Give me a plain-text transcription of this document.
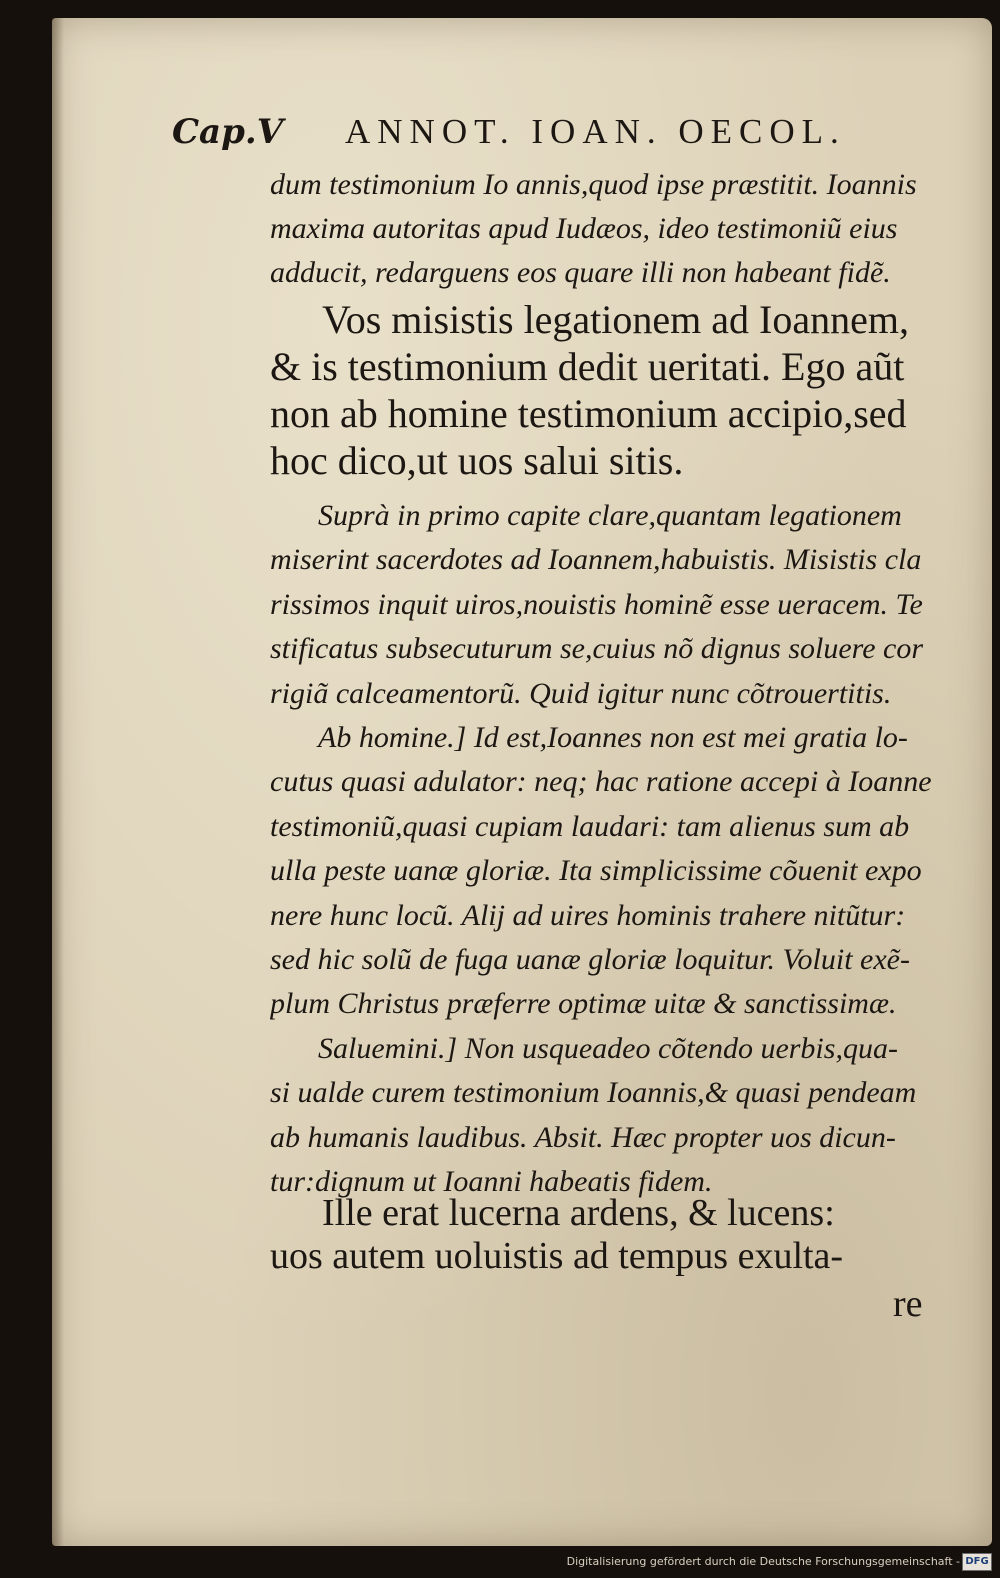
Cap.V ANNOT. IOAN. OECOL.
dum testimonium Io annis,quod ipse præstitit. Ioannis
maxima autoritas apud Iudæos, ideo testimoniũ eius
adducit, redarguens eos quare illi non habeant fidẽ.
Vos misistis legationem ad Ioannem,
& is testimonium dedit ueritati. Ego aũt
non ab homine testimonium accipio,sed
hoc dico,ut uos salui sitis.
Suprà in primo capite clare,quantam legationem
miserint sacerdotes ad Ioannem,habuistis. Misistis cla
rissimos inquit uiros,nouistis hominẽ esse ueracem. Te
stificatus subsecuturum se,cuius nõ dignus soluere cor
rigiã calceamentorũ. Quid igitur nunc cõtrouertitis.
Ab homine.] Id est,Ioannes non est mei gratia lo-
cutus quasi adulator: neq; hac ratione accepi à Ioanne
testimoniũ,quasi cupiam laudari: tam alienus sum ab
ulla peste uanæ gloriæ. Ita simplicissime cõuenit expo
nere hunc locũ. Alij ad uires hominis trahere nitũtur:
sed hic solũ de fuga uanæ gloriæ loquitur. Voluit exẽ-
plum Christus præferre optimæ uitæ & sanctissimæ.
Saluemini.] Non usqueadeo cõtendo uerbis,qua-
si ualde curem testimonium Ioannis,& quasi pendeam
ab humanis laudibus. Absit. Hæc propter uos dicun-
tur:dignum ut Ioanni habeatis fidem.
Ille erat lucerna ardens, & lucens:
uos autem uoluistis ad tempus exulta-
re
Digitalisierung gefördert durch die Deutsche Forschungsgemeinschaft - DFG
